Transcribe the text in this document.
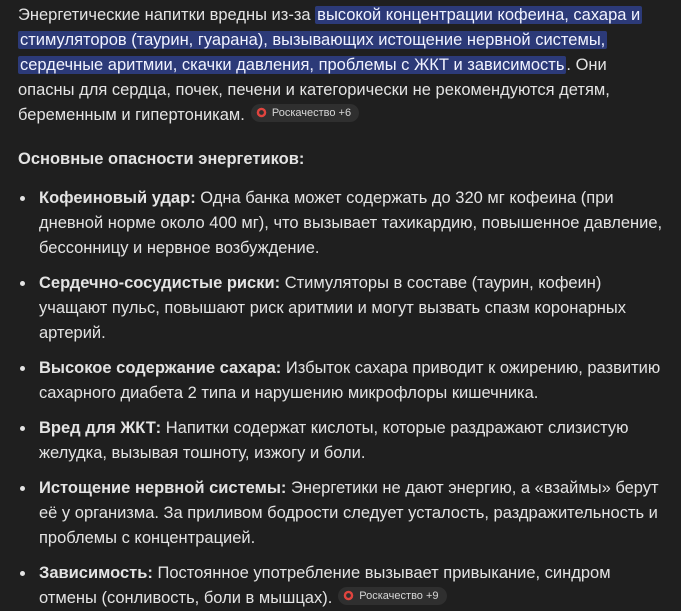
Энергетические напитки вредны из-за высокой концентрации кофеина, сахара и стимуляторов (таурин, гуарана), вызывающих истощение нервной системы, сердечные аритмии, скачки давления, проблемы с ЖКТ и зависимость . Они опасны для сердца, почек, печени и категорически не рекомендуются детям, беременным и гипертоникам. Роскачество +6

Основные опасности энергетиков:

Кофеиновый удар: Одна банка может содержать до 320 мг кофеина (при дневной норме около 400 мг), что вызывает тахикардию, повышенное давление, бессонницу и нервное возбуждение.
Сердечно-сосудистые риски: Стимуляторы в составе (таурин, кофеин) учащают пульс, повышают риск аритмии и могут вызвать спазм коронарных артерий.
Высокое содержание сахара: Избыток сахара приводит к ожирению, развитию сахарного диабета 2 типа и нарушению микрофлоры кишечника.
Вред для ЖКТ: Напитки содержат кислоты, которые раздражают слизистую желудка, вызывая тошноту, изжогу и боли.
Истощение нервной системы: Энергетики не дают энергию, а «взаймы» берут её у организма. За приливом бодрости следует усталость, раздражительность и проблемы с концентрацией.
Зависимость: Постоянное употребление вызывает привыкание, синдром отмены (сонливость, боли в мышцах). Роскачество +9
